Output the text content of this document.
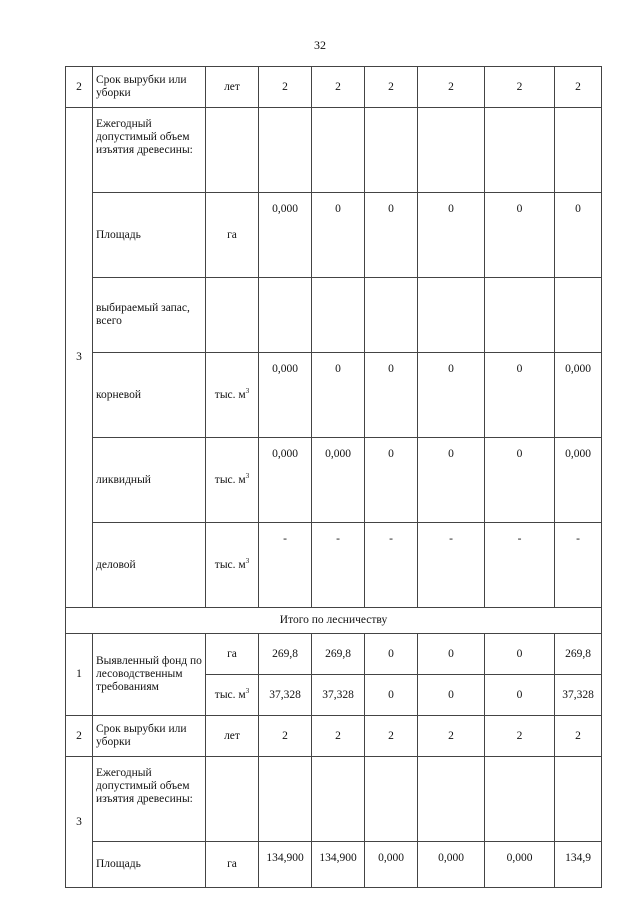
32
2	Срок вырубки или уборки	лет	2	2	2	2	2	2
3	Ежегодный допустимый объем изъятия древесины:							
	Площадь	га	0,000	0	0	0	0	0
	выбираемый запас, всего							
	корневой	тыс. $м^3$	0,000	0	0	0	0	0,000
	ликвидный	тыс. $м^3$	0,000	0,000	0	0	0	0,000
	деловой	тыс. $м^3$	-	-	-	-	-	-
Итого по лесничеству								
1	Выявленный фонд по лесоводственным требованиям	га	269,8	269,8	0	0	0	269,8
		тыс. $м^3$	37,328	37,328	0	0	0	37,328
2	Срок вырубки или уборки	лет	2	2	2	2	2	2
3	Ежегодный допустимый объем изъятия древесины:							
	Площадь	га	134,900	134,900	0,000	0,000	0,000	134,9
